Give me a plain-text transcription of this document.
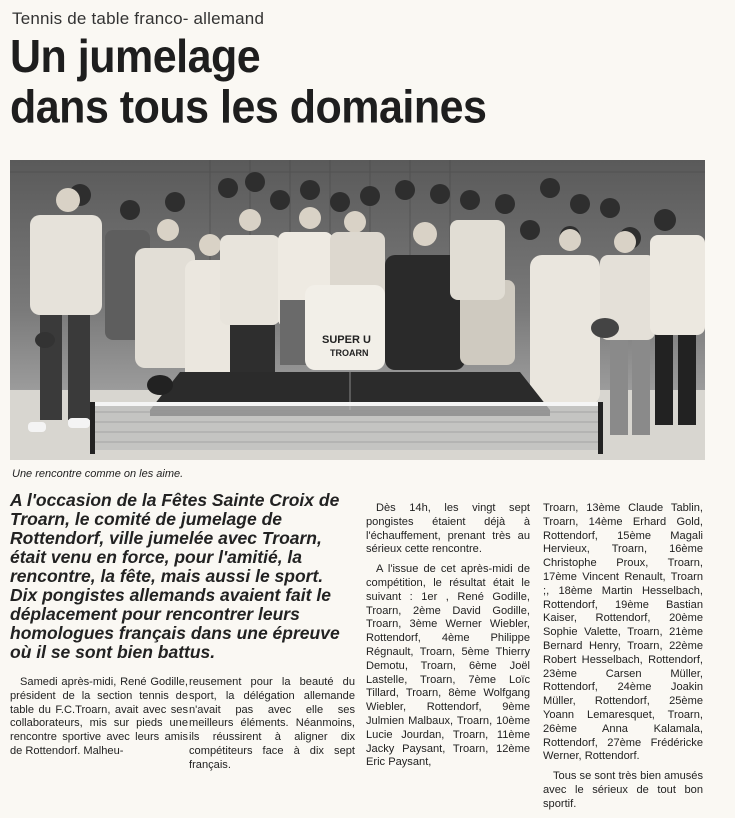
Tennis de table franco- allemand
Un jumelage
dans tous les domaines
SUPER U
TROARN
Une rencontre comme on les aime.

A l'occasion de la Fêtes Sainte Croix de Troarn, le comité de jumelage de Rottendorf, ville jumelée avec Troarn, était venu en force, pour l'amitié, la rencontre, la fête, mais aussi le sport. Dix pongistes allemands avaient fait le déplacement pour rencontrer leurs homologues français dans une épreuve où il se sont bien battus.

Samedi après-midi, René Godille, président de la section tennis de table du F.C.Troarn, avait avec ses collaborateurs, mis sur pieds une rencontre sportive avec leurs amis de Rottendorf. Malheu-

reusement pour la beauté du sport, la délégation allemande n'avait pas avec elle ses meilleurs éléments. Néanmoins, ils réussirent à aligner dix compétiteurs face à dix sept français.

Dès 14h, les vingt sept pongistes étaient déjà à l'échauffement, prenant très au sérieux cette rencontre.

A l'issue de cet après-midi de compétition, le résultat était le suivant : 1er , René Godille, Troarn, 2ème David Godille, Troarn, 3ème Werner Wiebler, Rottendorf, 4ème Philippe Régnault, Troarn, 5ème Thierry Demotu, Troarn, 6ème Joël Lastelle, Troarn, 7ème Loïc Tillard, Troarn, 8ème Wolfgang Wiebler, Rottendorf, 9ème Julmien Malbaux, Troarn, 10ème Lucie Jourdan, Troarn, 11ème Jacky Paysant, Troarn, 12ème Eric Paysant,

Troarn, 13ème Claude Tablin, Troarn, 14ème Erhard Gold, Rottendorf, 15ème Magali Hervieux, Troarn, 16ème Christophe Proux, Troarn, 17ème Vincent Renault, Troarn ;, 18ème Martin Hesselbach, Rottendorf, 19ème Bastian Kaiser, Rottendorf, 20ème Sophie Valette, Troarn, 21ème Bernard Henry, Troarn, 22ème Robert Hesselbach, Rottendorf, 23ème Carsen Müller, Rottendorf, 24ème Joakin Müller, Rottendorf, 25ème Yoann Lemaresquet, Troarn, 26ème Anna Kalamala, Rottendorf, 27ème Frédéricke Werner, Rottendorf.

Tous se sont très bien amusés avec le sérieux de tout bon sportif.
